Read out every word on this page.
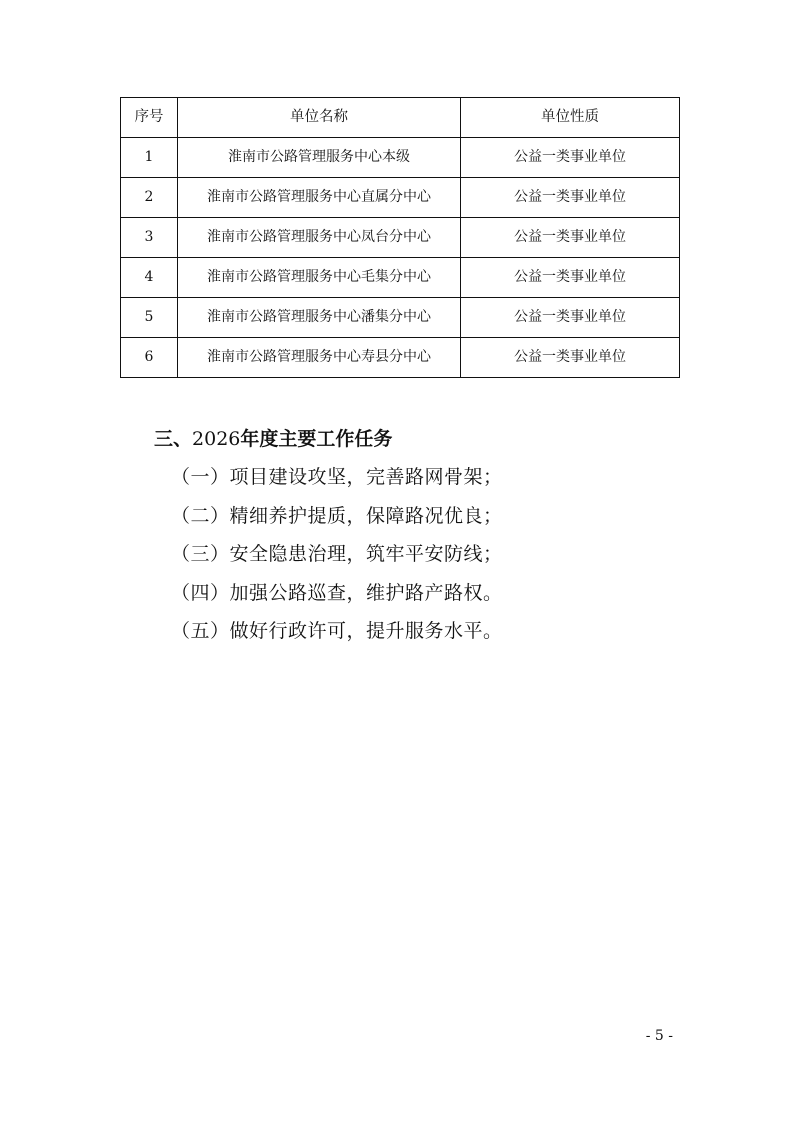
序号	单位名称	单位性质
1	淮南市公路管理服务中心本级	公益一类事业单位
2	淮南市公路管理服务中心直属分中心	公益一类事业单位
3	淮南市公路管理服务中心凤台分中心	公益一类事业单位
4	淮南市公路管理服务中心毛集分中心	公益一类事业单位
5	淮南市公路管理服务中心潘集分中心	公益一类事业单位
6	淮南市公路管理服务中心寿县分中心	公益一类事业单位
三、2026年度主要工作任务
（一）项目建设攻坚，完善路网骨架；
（二）精细养护提质，保障路况优良；
（三）安全隐患治理，筑牢平安防线；
（四）加强公路巡查，维护路产路权。
（五）做好行政许可，提升服务水平。
- 5 -
